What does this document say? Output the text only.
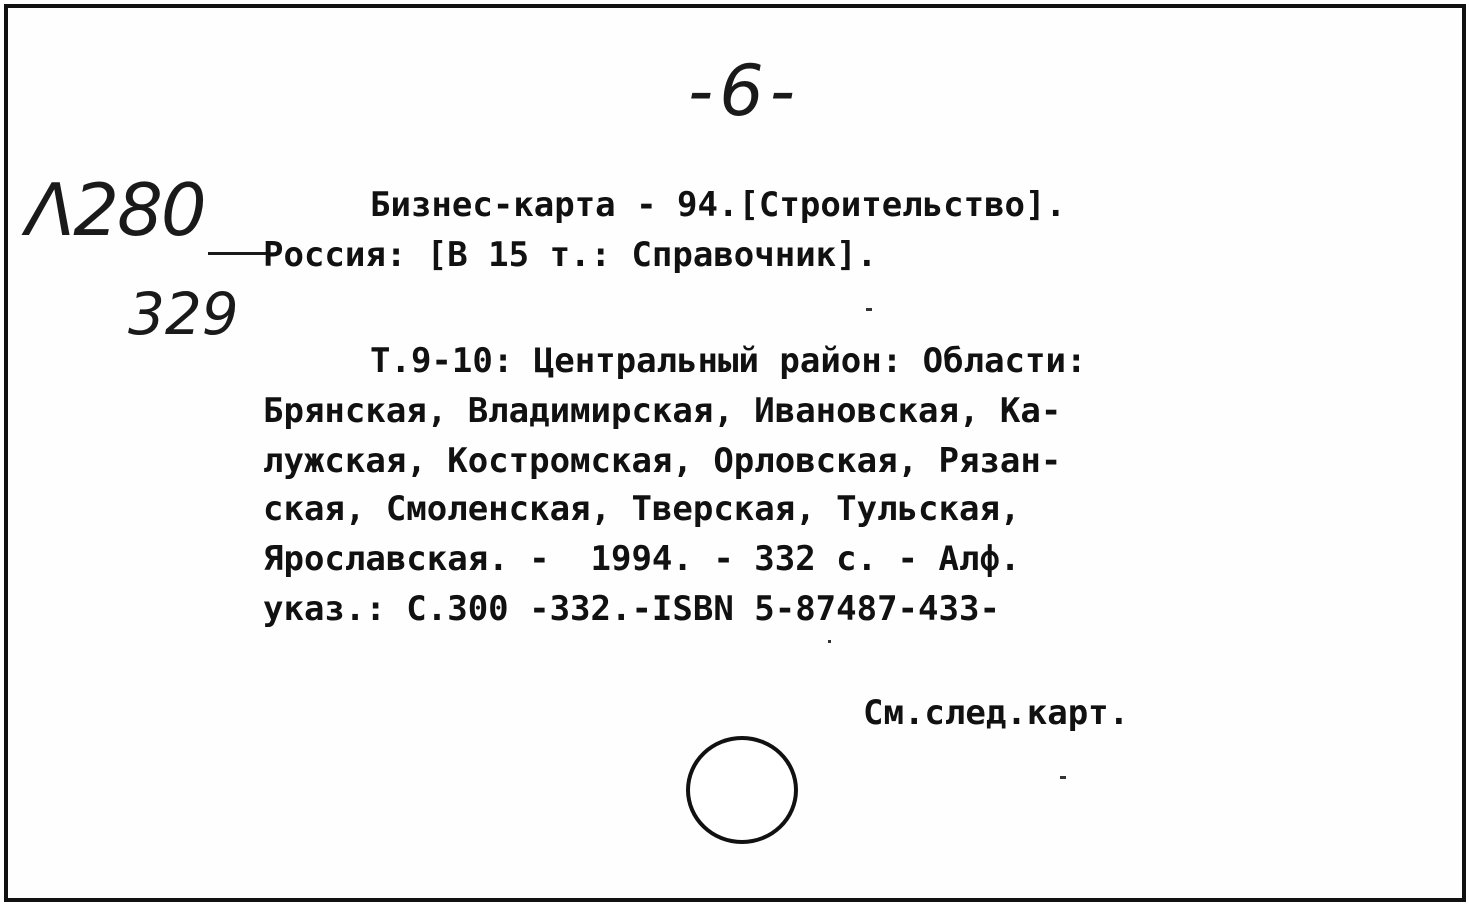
-6-
Λ280
329
Бизнес-карта - 94.[Строительство].
Россия: [В 15 т.: Справочник].
Т.9-10: Центральный район: Области:
Брянская, Владимирская, Ивановская, Ка-
лужская, Костромская, Орловская, Рязан-
ская, Смоленская, Тверская, Тульская,
Ярославская. -  1994. - 332 с. - Алф.
указ.: С.300 -332.-ISBN 5-87487-433-
См.след.карт.
